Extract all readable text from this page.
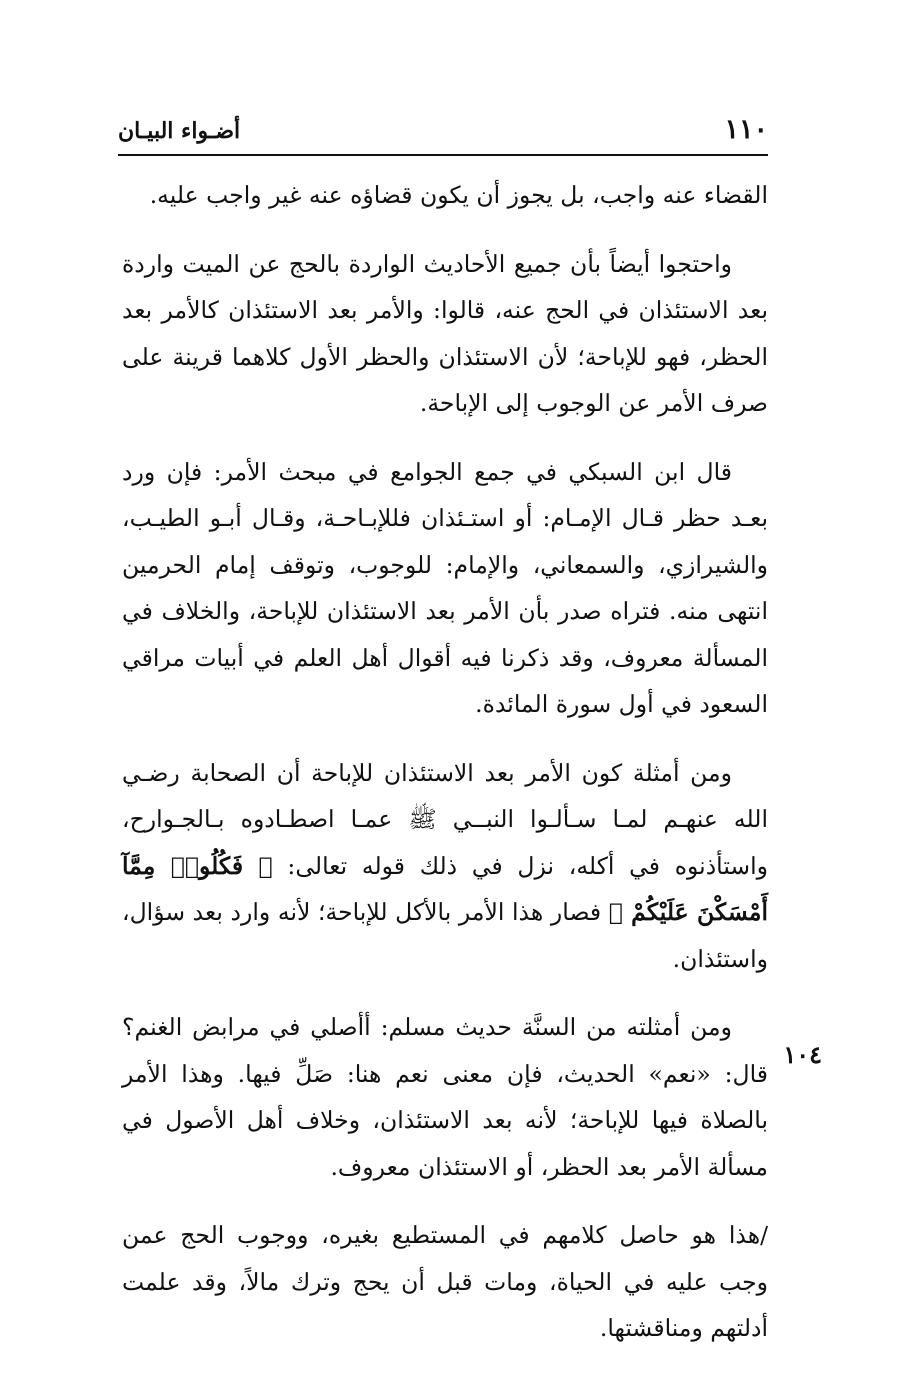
١١٠
أضـواء البيـان

القضاء عنه واجب، بل يجوز أن يكون قضاؤه عنه غير واجب عليه.

واحتجوا أيضاً بأن جميع الأحاديث الواردة بالحج عن الميت واردة بعد الاستئذان في الحج عنه، قالوا: والأمر بعد الاستئذان كالأمر بعد الحظر، فهو للإباحة؛ لأن الاستئذان والحظر الأول كلاهما قرينة على صرف الأمر عن الوجوب إلى الإباحة.

قال ابن السبكي في جمع الجوامع في مبحث الأمر: فإن ورد بعـد حظر قـال الإمـام: أو استـئذان فللإبـاحـة، وقـال أبـو الطيـب، والشيرازي، والسمعاني، والإمام: للوجوب، وتوقف إمام الحرمين انتهى منه. فتراه صدر بأن الأمر بعد الاستئذان للإباحة، والخلاف في المسألة معروف، وقد ذكرنا فيه أقوال أهل العلم في أبيات مراقي السعود في أول سورة المائدة.

ومن أمثلة كون الأمر بعد الاستئذان للإباحة أن الصحابة رضـي الله عنهـم لمـا سـألـوا النبــي ﷺ عمـا اصطـادوه بـالجـوارح، واستأذنوه في أكله، نزل في ذلك قوله تعالى: ﴿ فَكُلُوا۟ مِمَّآ أَمْسَكْنَ عَلَيْكُمْ ﴾ فصار هذا الأمر بالأكل للإباحة؛ لأنه وارد بعد سؤال، واستئذان.

ومن أمثلته من السنَّة حديث مسلم: أأصلي في مرابض الغنم؟ قال: «نعم» الحديث، فإن معنى نعم هنا: صَلِّ فيها. وهذا الأمر بالصلاة فيها للإباحة؛ لأنه بعد الاستئذان، وخلاف أهل الأصول في مسألة الأمر بعد الحظر، أو الاستئذان معروف.

/هذا هو حاصل كلامهم في المستطيع بغيره، ووجوب الحج عمن وجب عليه في الحياة، ومات قبل أن يحج وترك مالاً، وقد علمت أدلتهم ومناقشتها.

١٠٤
